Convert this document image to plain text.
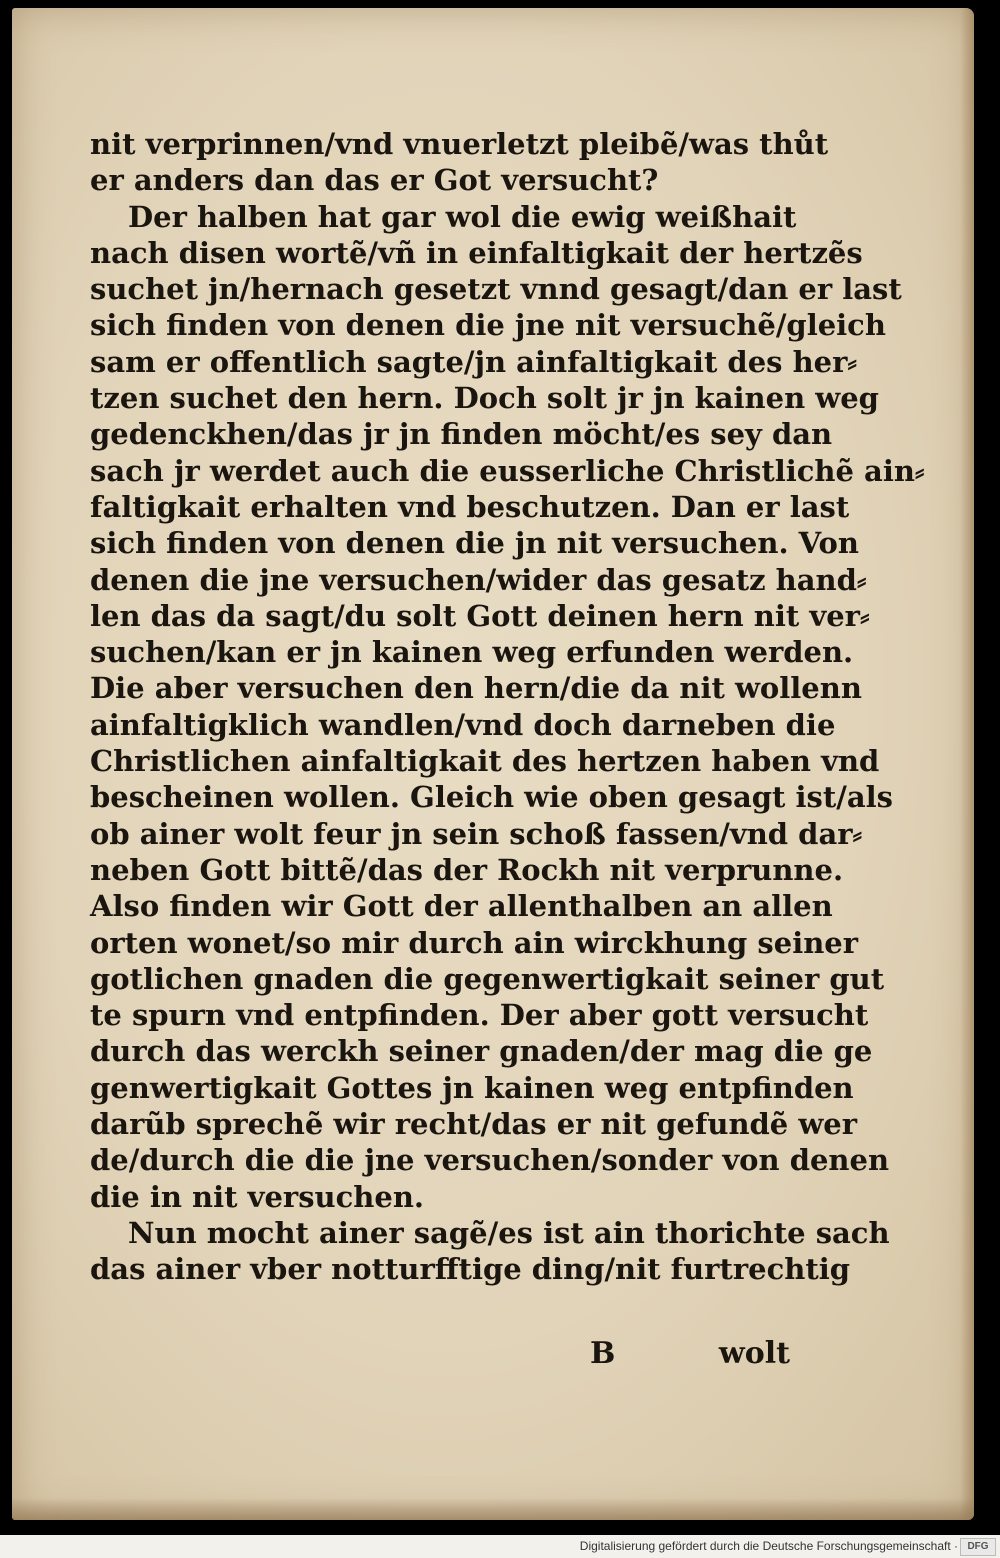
nit verprinnen/vnd vnuerletzt pleibẽ/was thůt
er anders dan das er Got versucht?
Der halben hat gar wol die ewig weißhait
nach disen wortẽ/vñ in einfaltigkait der hertzẽs
suchet jn/hernach gesetzt vnnd gesagt/dan er last
sich finden von denen die jne nit versuchẽ/gleich
sam er offentlich sagte/jn ainfaltigkait des her⸗
tzen suchet den hern. Doch solt jr jn kainen weg
gedenckhen/das jr jn finden möcht/es sey dan
sach jr werdet auch die eusserliche Christlichẽ ain⸗
faltigkait erhalten vnd beschutzen. Dan er last
sich finden von denen die jn nit versuchen. Von
denen die jne versuchen/wider das gesatz hand⸗
len das da sagt/du solt Gott deinen hern nit ver⸗
suchen/kan er jn kainen weg erfunden werden.
Die aber versuchen den hern/die da nit wollenn
ainfaltigklich wandlen/vnd doch darneben die
Christlichen ainfaltigkait des hertzen haben vnd
bescheinen wollen. Gleich wie oben gesagt ist/als
ob ainer wolt feur jn sein schoß fassen/vnd dar⸗
neben Gott bittẽ/das der Rockh nit verprunne.
Also finden wir Gott der allenthalben an allen
orten wonet/so mir durch ain wirckhung seiner
gotlichen gnaden die gegenwertigkait seiner gut
te spurn vnd entpfinden. Der aber gott versucht
durch das werckh seiner gnaden/der mag die ge
genwertigkait Gottes jn kainen weg entpfinden
darũb sprechẽ wir recht/das er nit gefundẽ wer
de/durch die die jne versuchen/sonder von denen
die in nit versuchen.
Nun mocht ainer sagẽ/es ist ain thorichte sach
das ainer vber notturfftige ding/nit furtrechtig
B	wolt
Digitalisierung gefördert durch die Deutsche Forschungsgemeinschaft · DFG
